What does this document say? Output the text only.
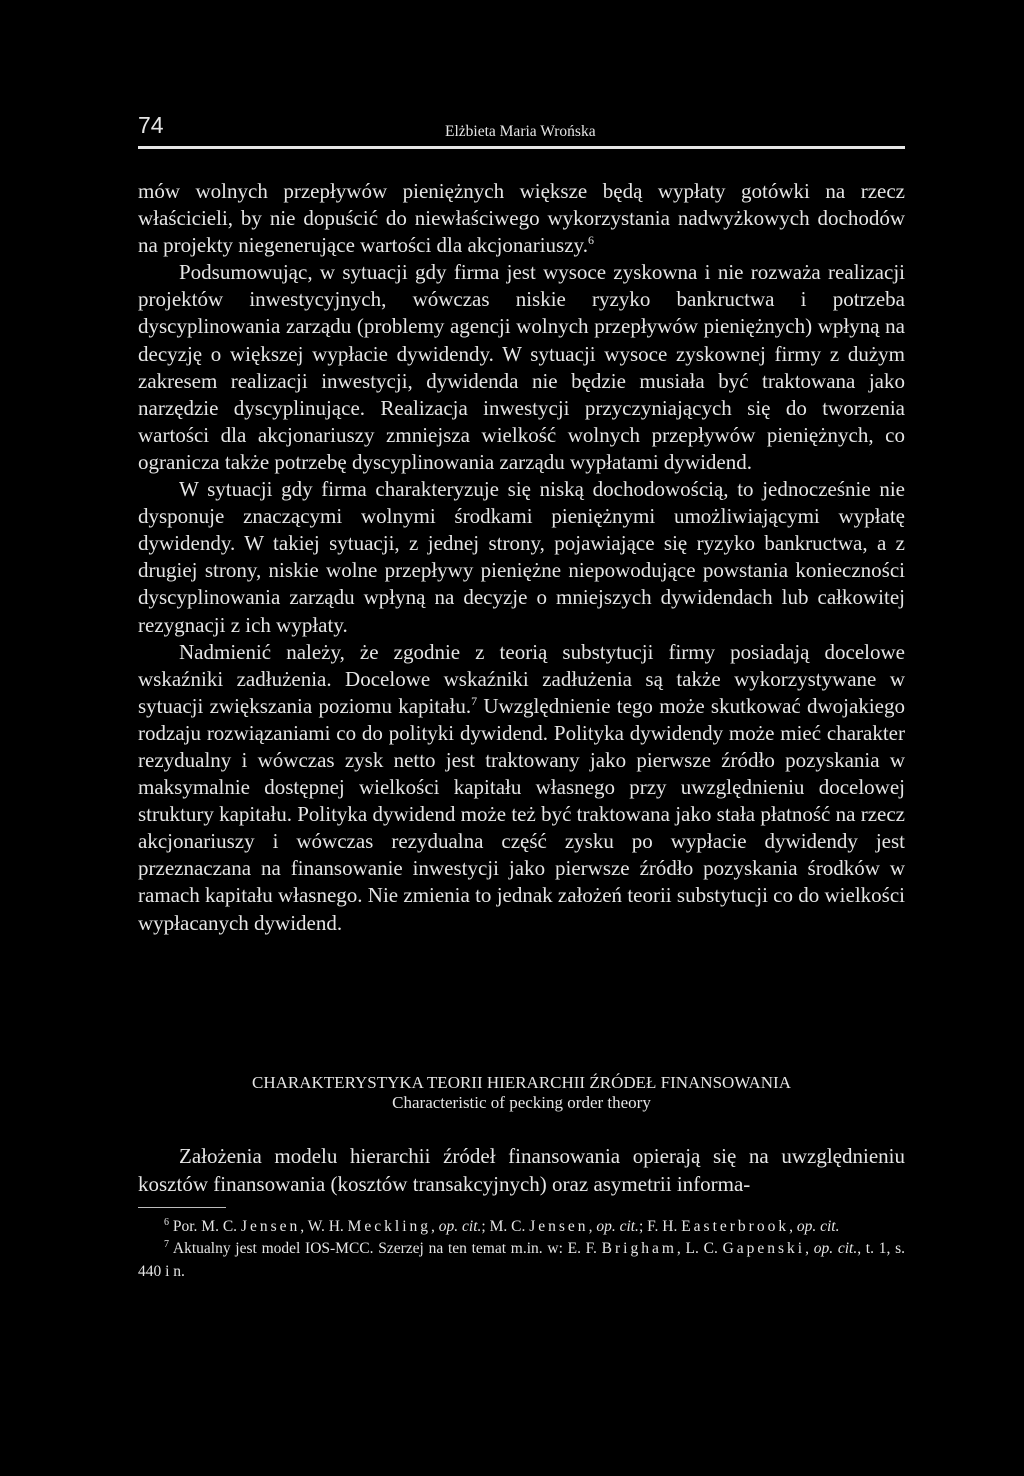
74	Elżbieta Maria Wrońska

mów wolnych przepływów pieniężnych większe będą wypłaty gotówki na rzecz właścicieli, by nie dopuścić do niewłaściwego wykorzystania nadwyżkowych dochodów na projekty niegenerujące wartości dla akcjonariuszy.$^6$

Podsumowując, w sytuacji gdy firma jest wysoce zyskowna i nie rozważa realizacji projektów inwestycyjnych, wówczas niskie ryzyko bankructwa i potrzeba dyscyplinowania zarządu (problemy agencji wolnych przepływów pieniężnych) wpłyną na decyzję o większej wypłacie dywidendy. W sytuacji wysoce zyskownej firmy z dużym zakresem realizacji inwestycji, dywidenda nie będzie musiała być traktowana jako narzędzie dyscyplinujące. Realizacja inwestycji przyczyniających się do tworzenia wartości dla akcjonariuszy zmniejsza wielkość wolnych przepływów pieniężnych, co ogranicza także potrzebę dyscyplinowania zarządu wypłatami dywidend.

W sytuacji gdy firma charakteryzuje się niską dochodowością, to jednocześnie nie dysponuje znaczącymi wolnymi środkami pieniężnymi umożliwiającymi wypłatę dywidendy. W takiej sytuacji, z jednej strony, pojawiające się ryzyko bankructwa, a z drugiej strony, niskie wolne przepływy pieniężne niepowodujące powstania konieczności dyscyplinowania zarządu wpłyną na decyzje o mniejszych dywidendach lub całkowitej rezygnacji z ich wypłaty.

Nadmienić należy, że zgodnie z teorią substytucji firmy posiadają docelowe wskaźniki zadłużenia. Docelowe wskaźniki zadłużenia są także wykorzystywane w sytuacji zwiększania poziomu kapitału.$^7$ Uwzględnienie tego może skutkować dwojakiego rodzaju rozwiązaniami co do polityki dywidend. Polityka dywidendy może mieć charakter rezydualny i wówczas zysk netto jest traktowany jako pierwsze źródło pozyskania w maksymalnie dostępnej wielkości kapitału własnego przy uwzględnieniu docelowej struktury kapitału. Polityka dywidend może też być traktowana jako stała płatność na rzecz akcjonariuszy i wówczas rezydualna część zysku po wypłacie dywidendy jest przeznaczana na finansowanie inwestycji jako pierwsze źródło pozyskania środków w ramach kapitału własnego. Nie zmienia to jednak założeń teorii substytucji co do wielkości wypłacanych dywidend.

CHARAKTERYSTYKA TEORII HIERARCHII ŹRÓDEŁ FINANSOWANIA
Characteristic of pecking order theory

Założenia modelu hierarchii źródeł finansowania opierają się na uwzględnieniu kosztów finansowania (kosztów transakcyjnych) oraz asymetrii informa-

$^6$ Por. M. C. Jensen, W. H. Meckling, op. cit.; M. C. Jensen, op. cit.; F. H. Easterbrook, op. cit.

$^7$ Aktualny jest model IOS-MCC. Szerzej na ten temat m.in. w: E. F. Brigham, L. C. Gapenski, op. cit., t. 1, s. 440 i n.
